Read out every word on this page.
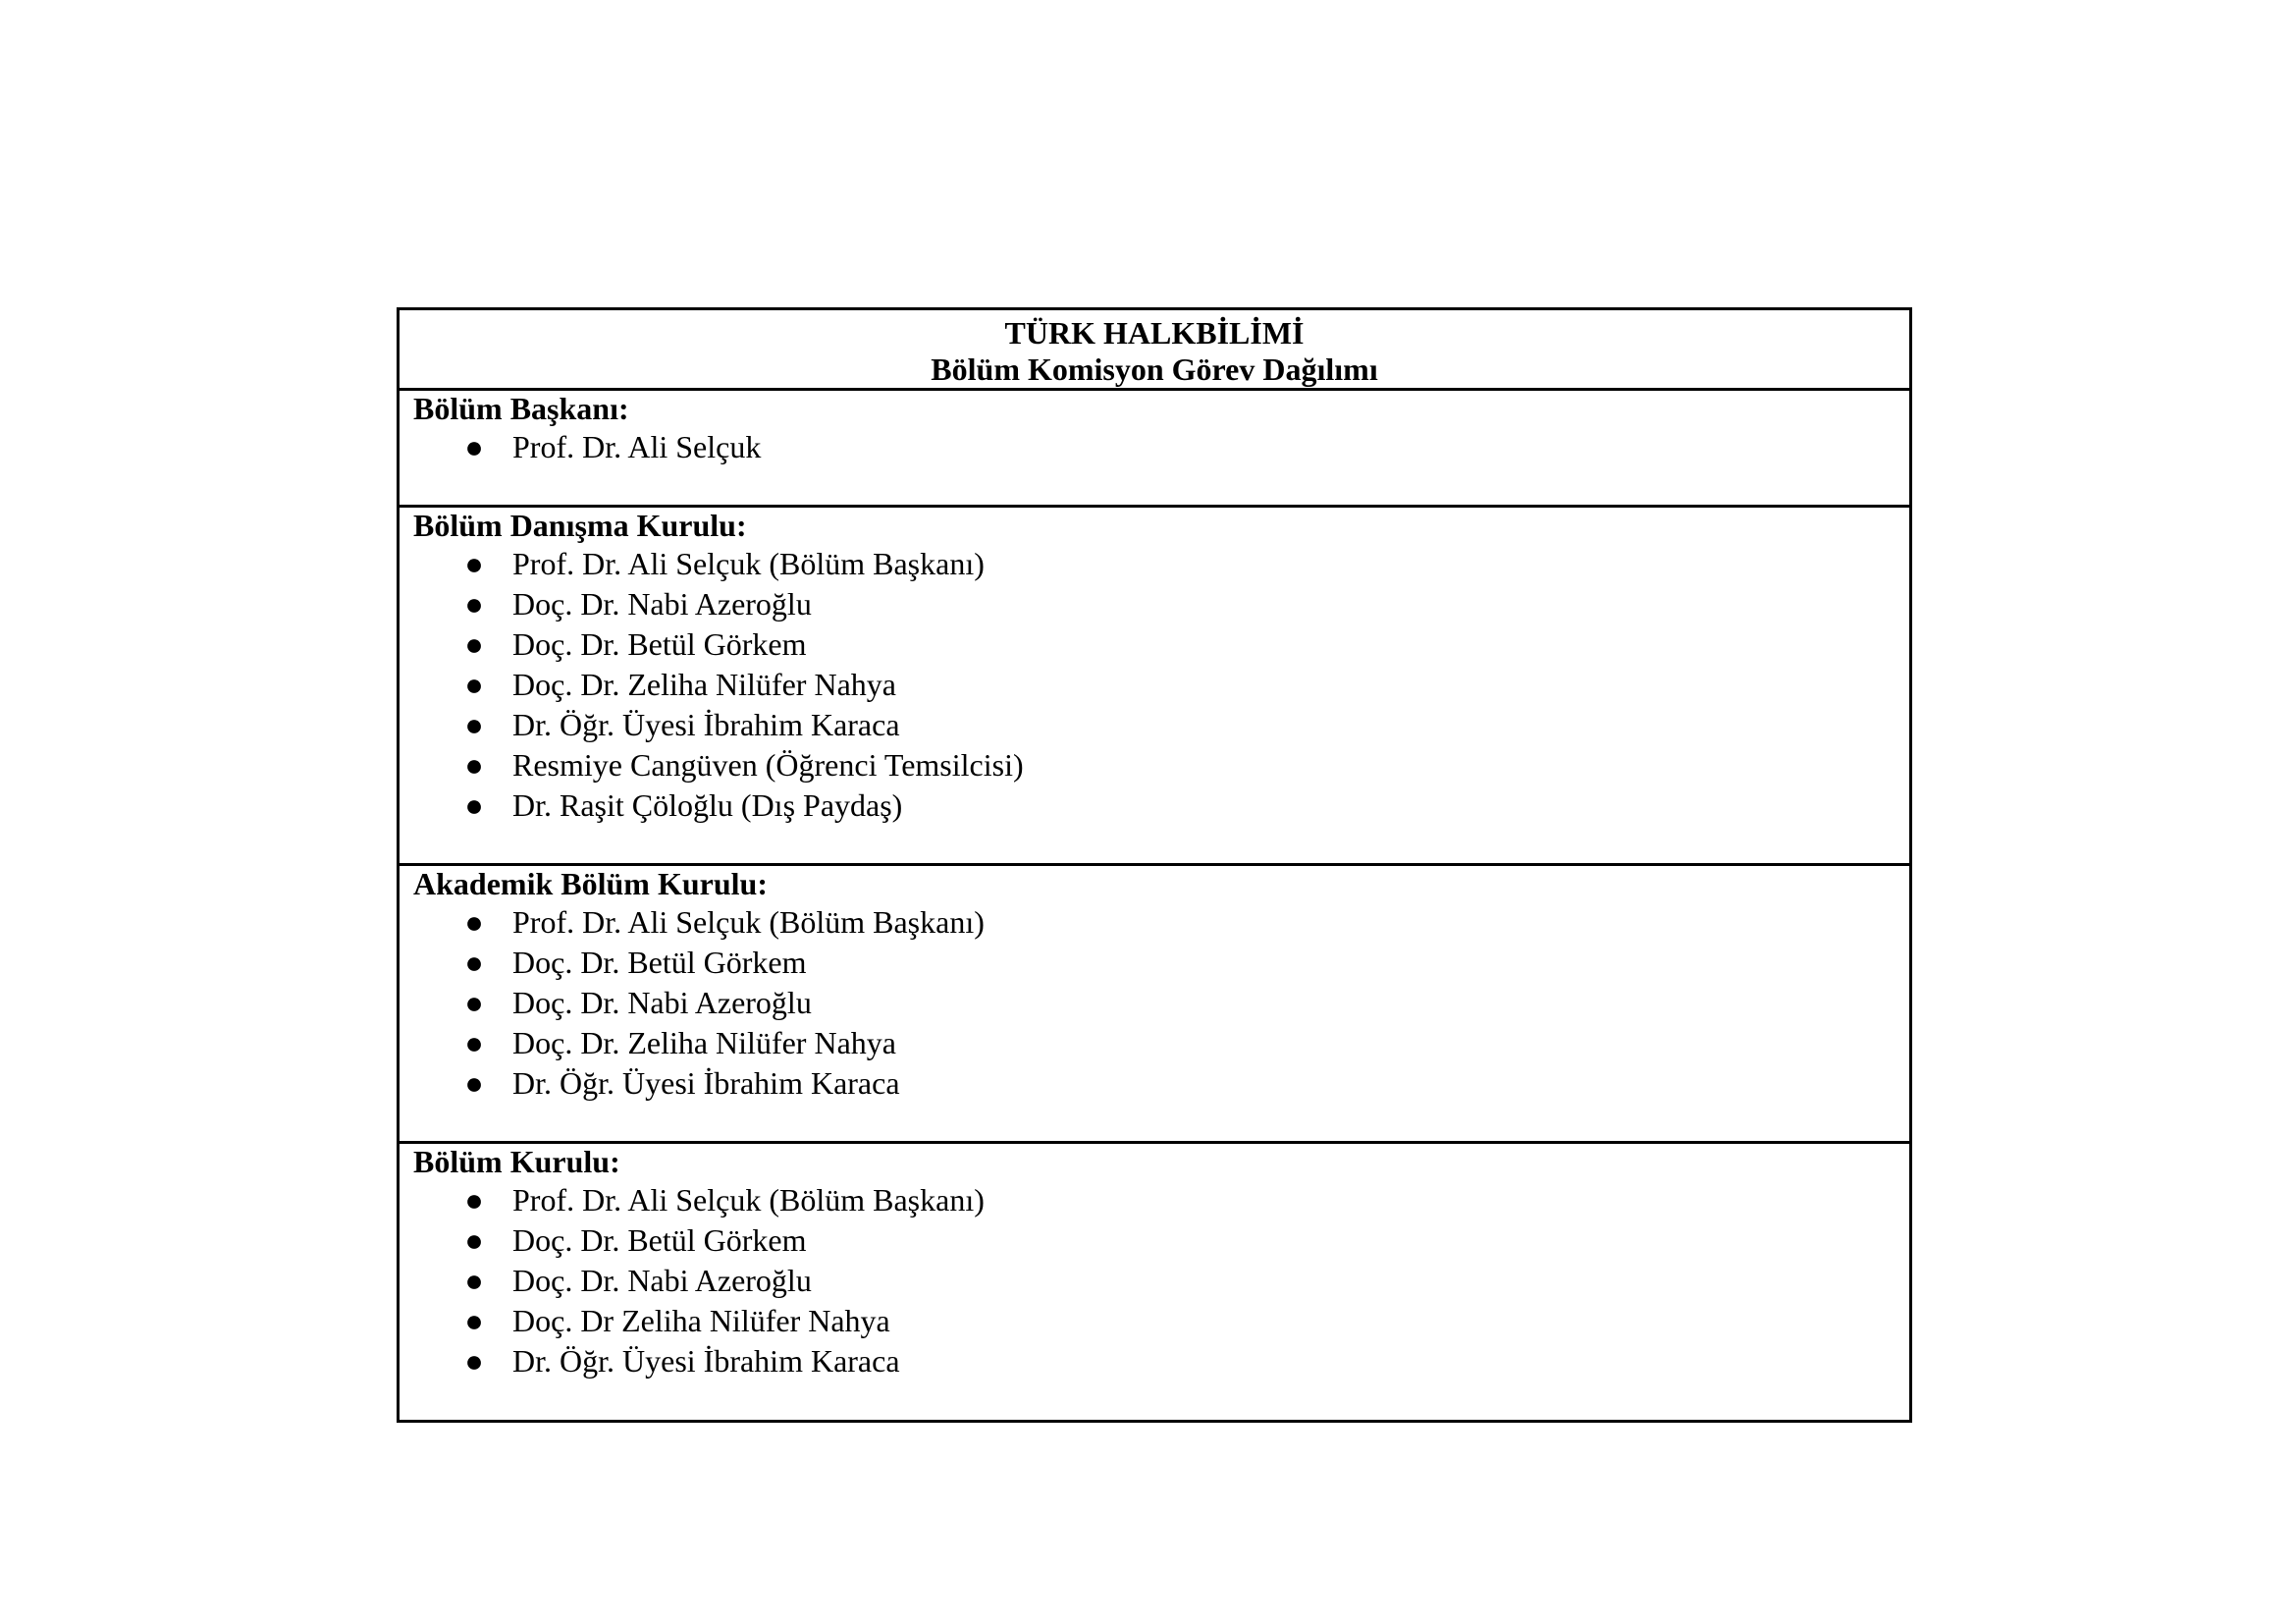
TÜRK HALKBİLİMİ
Bölüm Komisyon Görev Dağılımı

Bölüm Başkanı:
● Prof. Dr. Ali Selçuk

Bölüm Danışma Kurulu:
● Prof. Dr. Ali Selçuk (Bölüm Başkanı)
● Doç. Dr. Nabi Azeroğlu
● Doç. Dr. Betül Görkem
● Doç. Dr. Zeliha Nilüfer Nahya
● Dr. Öğr. Üyesi İbrahim Karaca
● Resmiye Cangüven (Öğrenci Temsilcisi)
● Dr. Raşit Çöloğlu (Dış Paydaş)

Akademik Bölüm Kurulu:
● Prof. Dr. Ali Selçuk (Bölüm Başkanı)
● Doç. Dr. Betül Görkem
● Doç. Dr. Nabi Azeroğlu
● Doç. Dr. Zeliha Nilüfer Nahya
● Dr. Öğr. Üyesi İbrahim Karaca

Bölüm Kurulu:
● Prof. Dr. Ali Selçuk (Bölüm Başkanı)
● Doç. Dr. Betül Görkem
● Doç. Dr. Nabi Azeroğlu
● Doç. Dr Zeliha Nilüfer Nahya
● Dr. Öğr. Üyesi İbrahim Karaca
